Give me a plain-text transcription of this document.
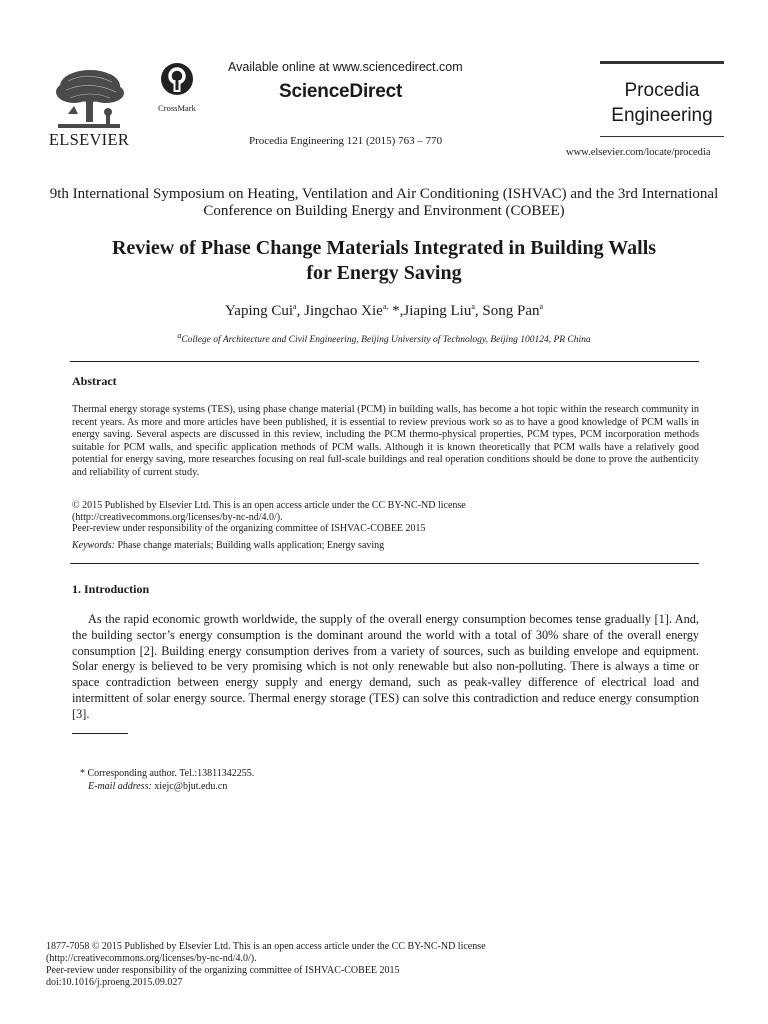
ELSEVIER
CrossMark
Available online at www.sciencedirect.com
ScienceDirect
Procedia Engineering 121 (2015) 763 – 770
Procedia
Engineering
www.elsevier.com/locate/procedia
9th International Symposium on Heating, Ventilation and Air Conditioning (ISHVAC) and the 3rd International Conference on Building Energy and Environment (COBEE)
Review of Phase Change Materials Integrated in Building Walls
for Energy Saving
Yaping Cui$^a$, Jingchao Xie$^{a,}$ *,Jiaping Liu$^a$, Song Pan$^a$
$^a$College of Architecture and Civil Engineering, Beijing University of Technology, Beijing 100124, PR China
Abstract
Thermal energy storage systems (TES), using phase change material (PCM) in building walls, has become a hot topic within the research community in recent years. As more and more articles have been published, it is essential to review previous work so as to have a good knowledge of PCM walls in energy saving. Several aspects are discussed in this review, including the PCM thermo-physical properties, PCM types, PCM incorporation methods suitable for PCM walls, and specific application methods of PCM walls. Although it is known theoretically that PCM walls have a relatively good potential for energy saving, more researches focusing on real full-scale buildings and real operation conditions should be done to prove the authenticity and reliability of current study.
© 2015 Published by Elsevier Ltd. This is an open access article under the CC BY-NC-ND license
(http://creativecommons.org/licenses/by-nc-nd/4.0/).
Peer-review under responsibility of the organizing committee of ISHVAC-COBEE 2015
Keywords: Phase change materials; Building walls application; Energy saving
1. Introduction
As the rapid economic growth worldwide, the supply of the overall energy consumption becomes tense gradually [1]. And, the building sector’s energy consumption is the dominant around the world with a total of 30% share of the overall energy consumption [2]. Building energy consumption derives from a variety of sources, such as building envelope and equipment. Solar energy is believed to be very promising which is not only renewable but also non-polluting. There is always a time or space contradiction between energy supply and energy demand, such as peak-valley difference of electrical load and intermittent of solar energy source. Thermal energy storage (TES) can solve this contradiction and reduce energy consumption [3].
* Corresponding author. Tel.:13811342255.
E-mail address: xiejc@bjut.edu.cn
1877-7058 © 2015 Published by Elsevier Ltd. This is an open access article under the CC BY-NC-ND license
(http://creativecommons.org/licenses/by-nc-nd/4.0/).
Peer-review under responsibility of the organizing committee of ISHVAC-COBEE 2015
doi:10.1016/j.proeng.2015.09.027
